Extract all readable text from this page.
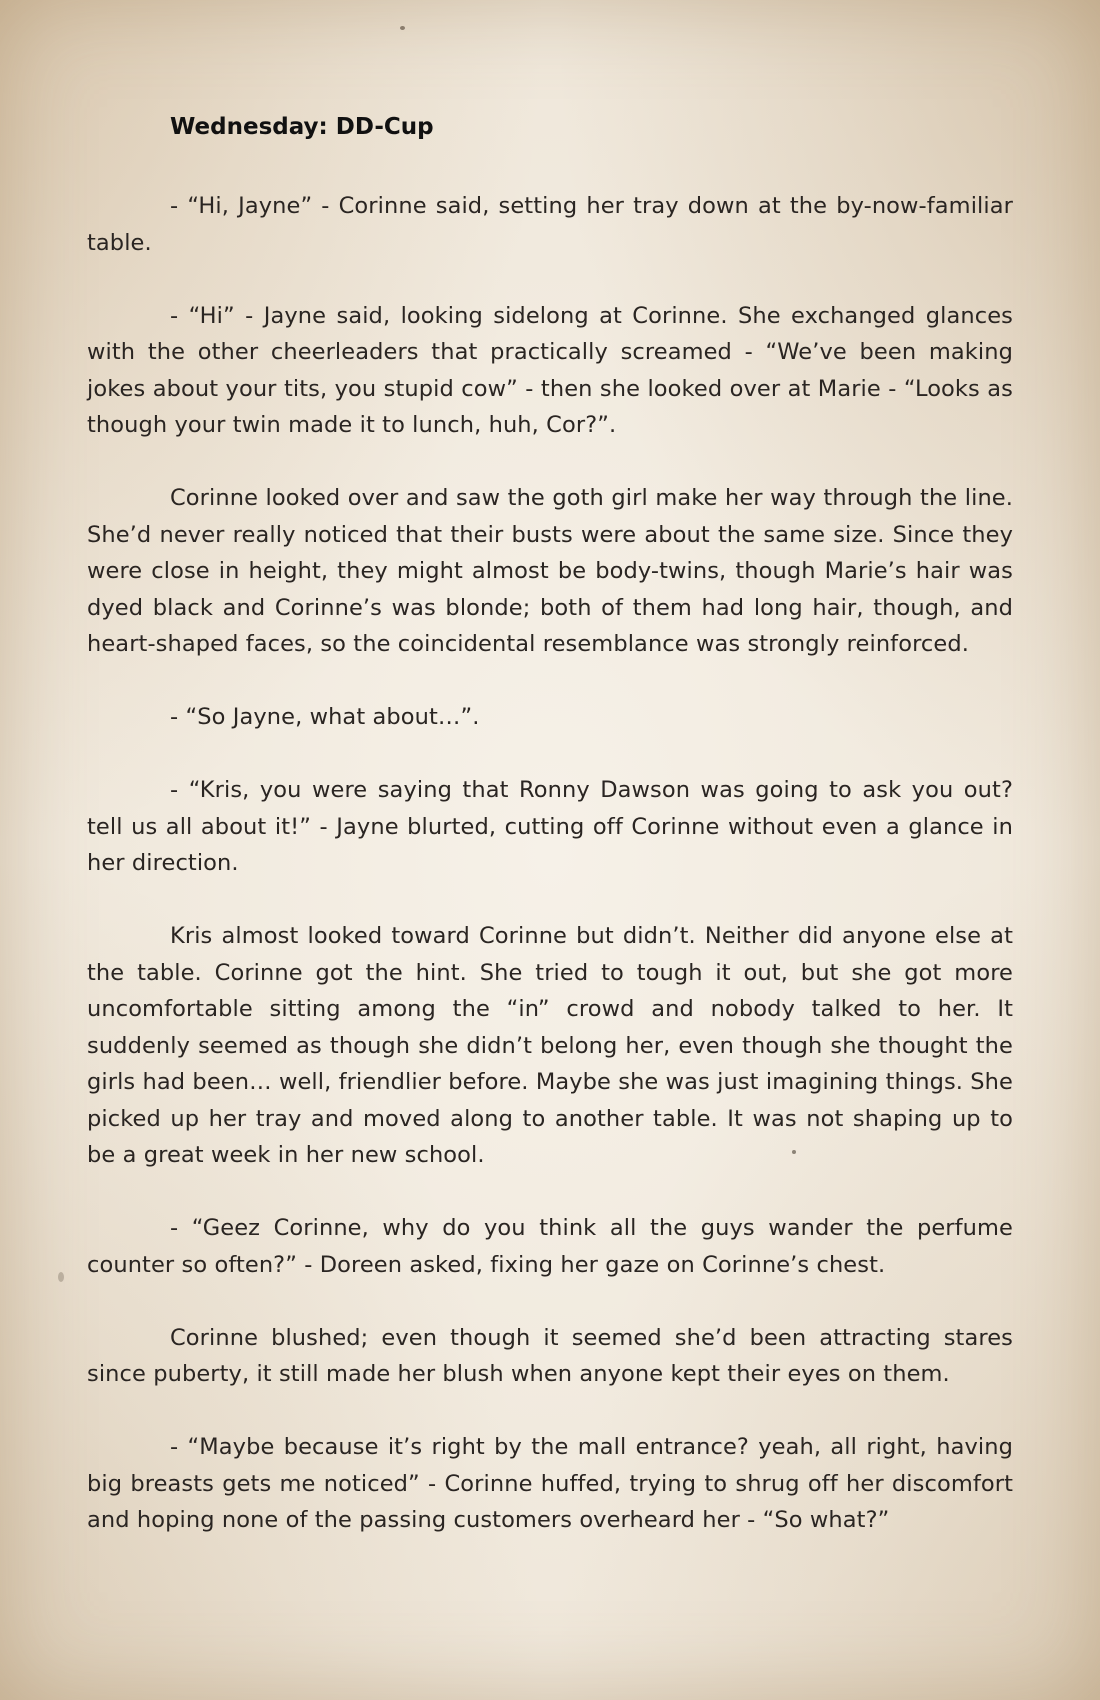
Wednesday: DD-Cup

- “Hi, Jayne” - Corinne said, setting her tray down at the by-now-familiar table.

- “Hi” - Jayne said, looking sidelong at Corinne. She exchanged glances with the other cheerleaders that practically screamed - “We’ve been making jokes about your tits, you stupid cow” - then she looked over at Marie - “Looks as though your twin made it to lunch, huh, Cor?”.

Corinne looked over and saw the goth girl make her way through the line. She’d never really noticed that their busts were about the same size. Since they were close in height, they might almost be body-twins, though Marie’s hair was dyed black and Corinne’s was blonde; both of them had long hair, though, and heart-shaped faces, so the coincidental resemblance was strongly reinforced.

- “So Jayne, what about…”.

- “Kris, you were saying that Ronny Dawson was going to ask you out? tell us all about it!” - Jayne blurted, cutting off Corinne without even a glance in her direction.

Kris almost looked toward Corinne but didn’t. Neither did anyone else at the table. Corinne got the hint. She tried to tough it out, but she got more uncomfortable sitting among the “in” crowd and nobody talked to her. It suddenly seemed as though she didn’t belong her, even though she thought the girls had been… well, friendlier before. Maybe she was just imagining things. She picked up her tray and moved along to another table. It was not shaping up to be a great week in her new school.

- “Geez Corinne, why do you think all the guys wander the perfume counter so often?” - Doreen asked, fixing her gaze on Corinne’s chest.

Corinne blushed; even though it seemed she’d been attracting stares since puberty, it still made her blush when anyone kept their eyes on them.

- “Maybe because it’s right by the mall entrance? yeah, all right, having big breasts gets me noticed” - Corinne huffed, trying to shrug off her discomfort and hoping none of the passing customers overheard her - “So what?”
